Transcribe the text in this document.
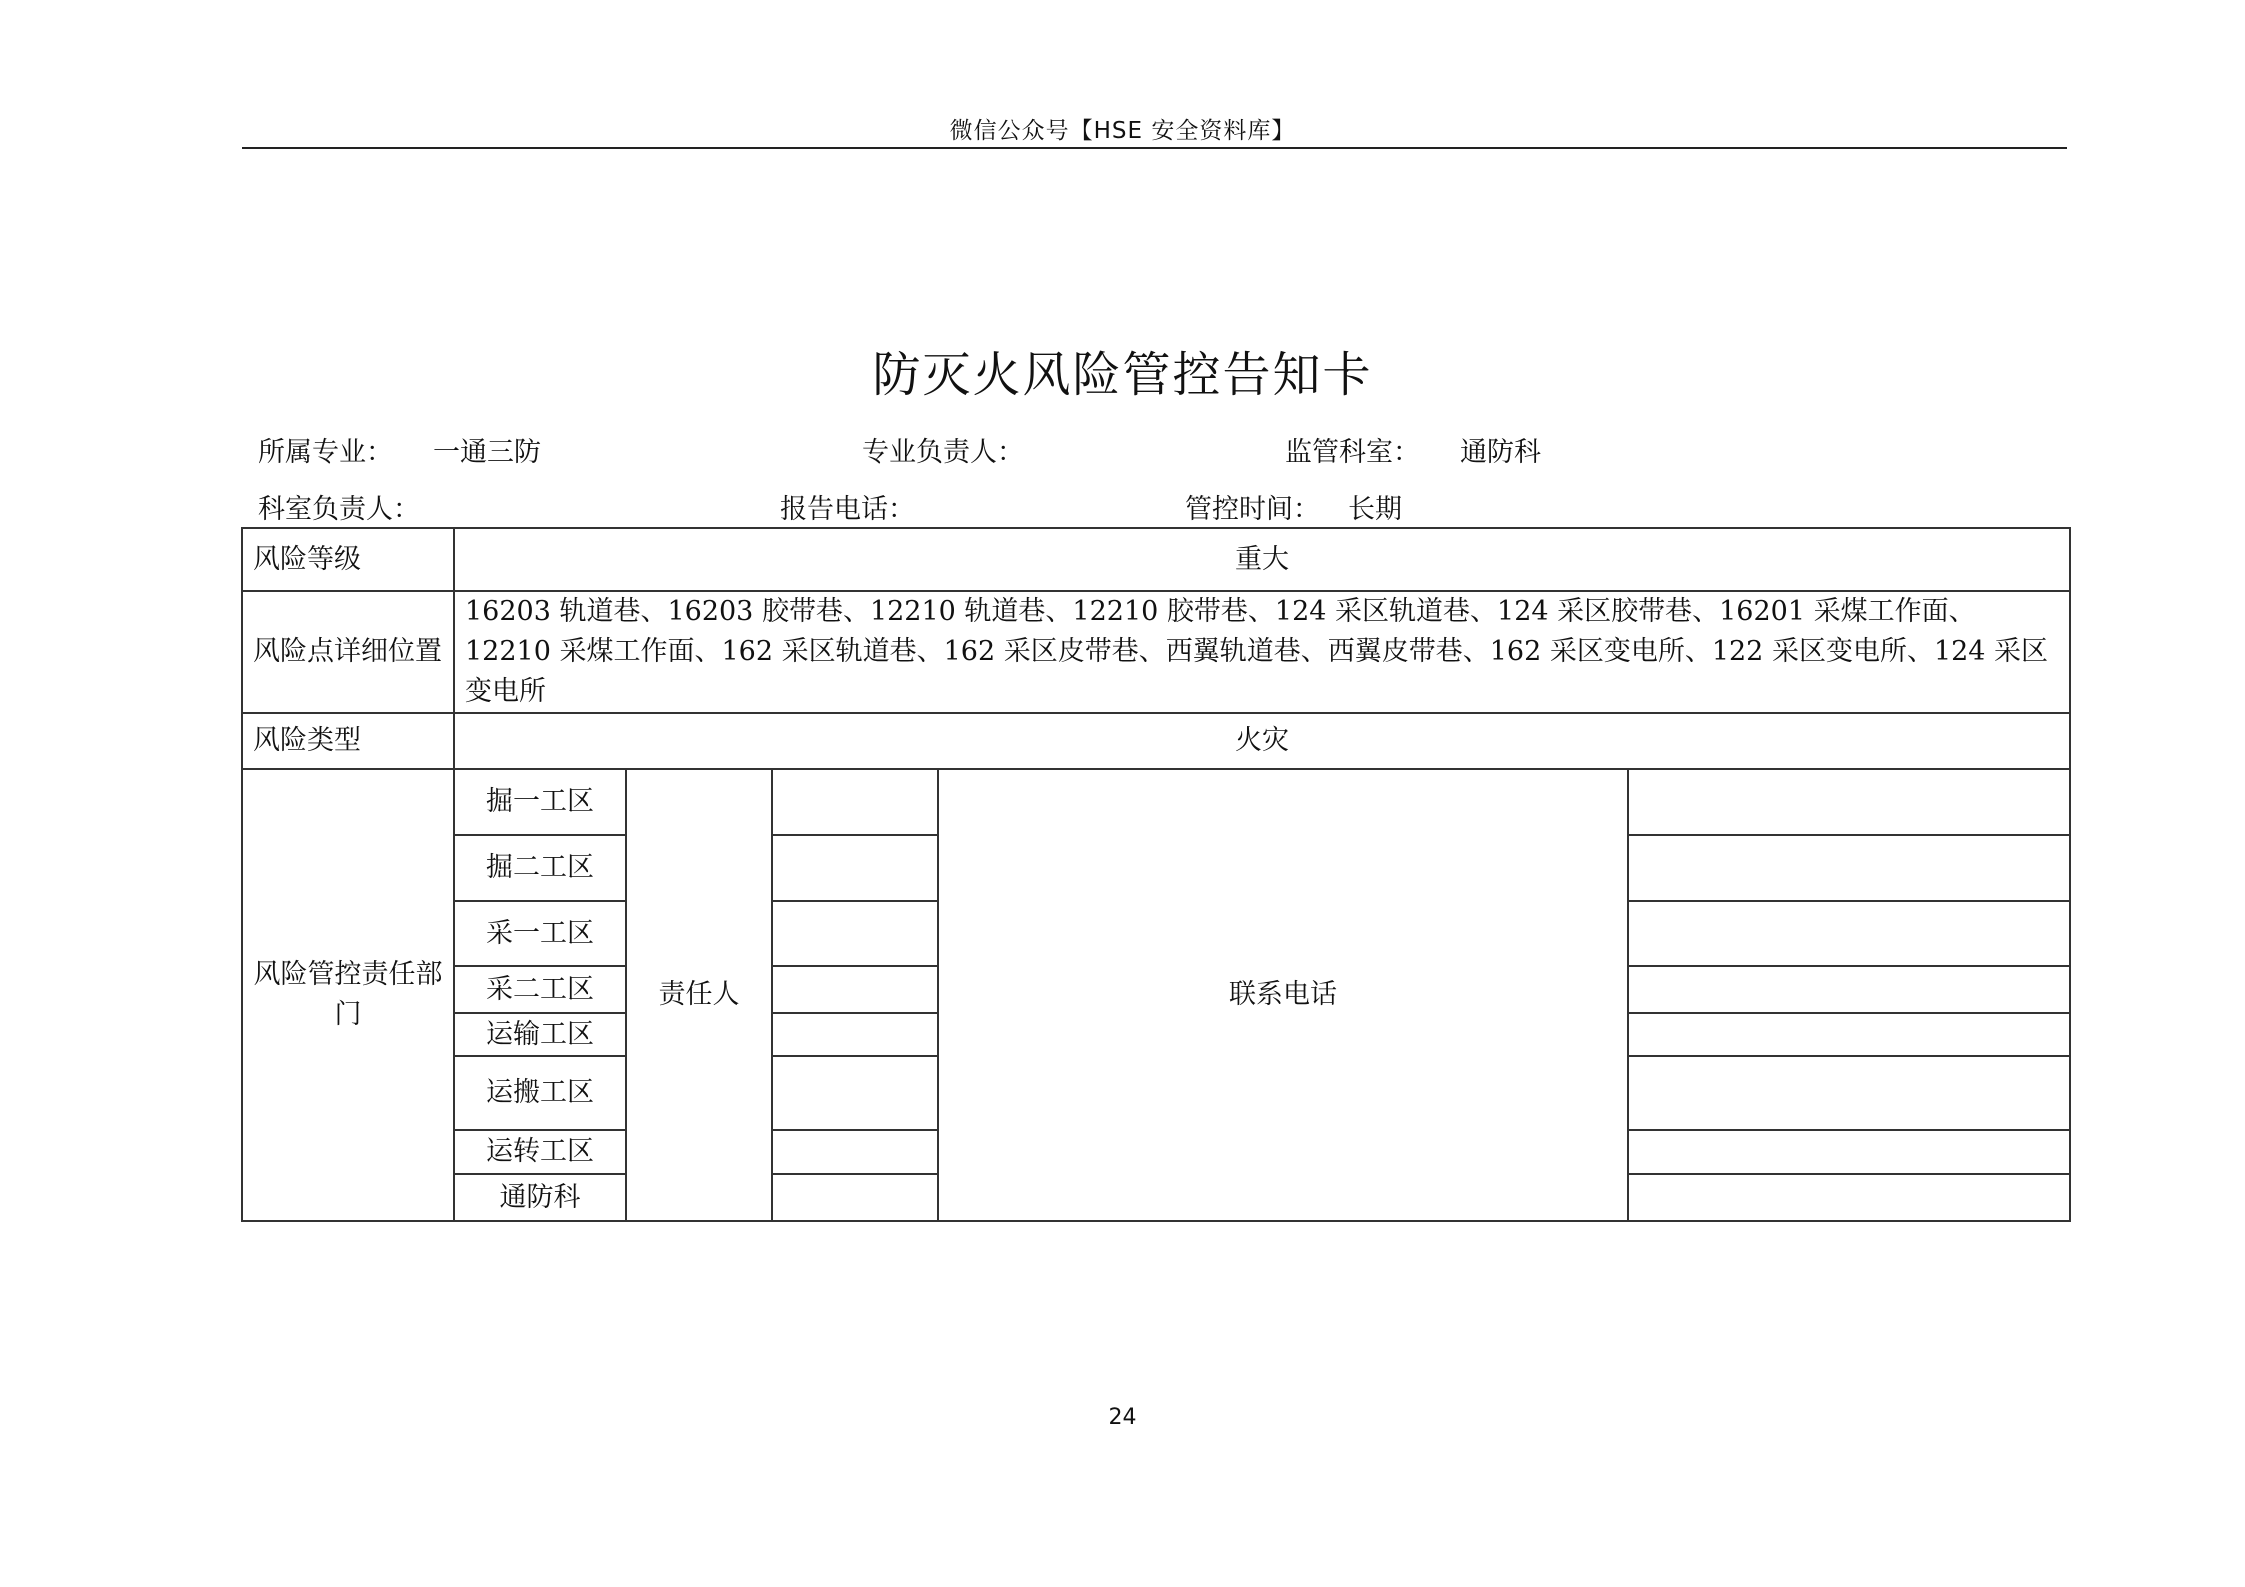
微信公众号【HSE 安全资料库】
防灭火风险管控告知卡
所属专业： 一通三防	专业负责人：	监管科室： 通防科
科室负责人：	报告电话：	管控时间： 长期
风险等级	重大				
风险点详细位置	16203 轨道巷、16203 胶带巷、12210 轨道巷、12210 胶带巷、124 采区轨道巷、124 采区胶带巷、16201 采煤工作面、12210 采煤工作面、162 采区轨道巷、162 采区皮带巷、西翼轨道巷、西翼皮带巷、162 采区变电所、122 采区变电所、124 采区变电所				
风险类型	火灾				
风险管控责任部门	掘一工区	责任人		联系电话	
	掘二工区				
	采一工区				
	采二工区				
	运输工区				
	运搬工区				
	运转工区				
	通防科				
24
